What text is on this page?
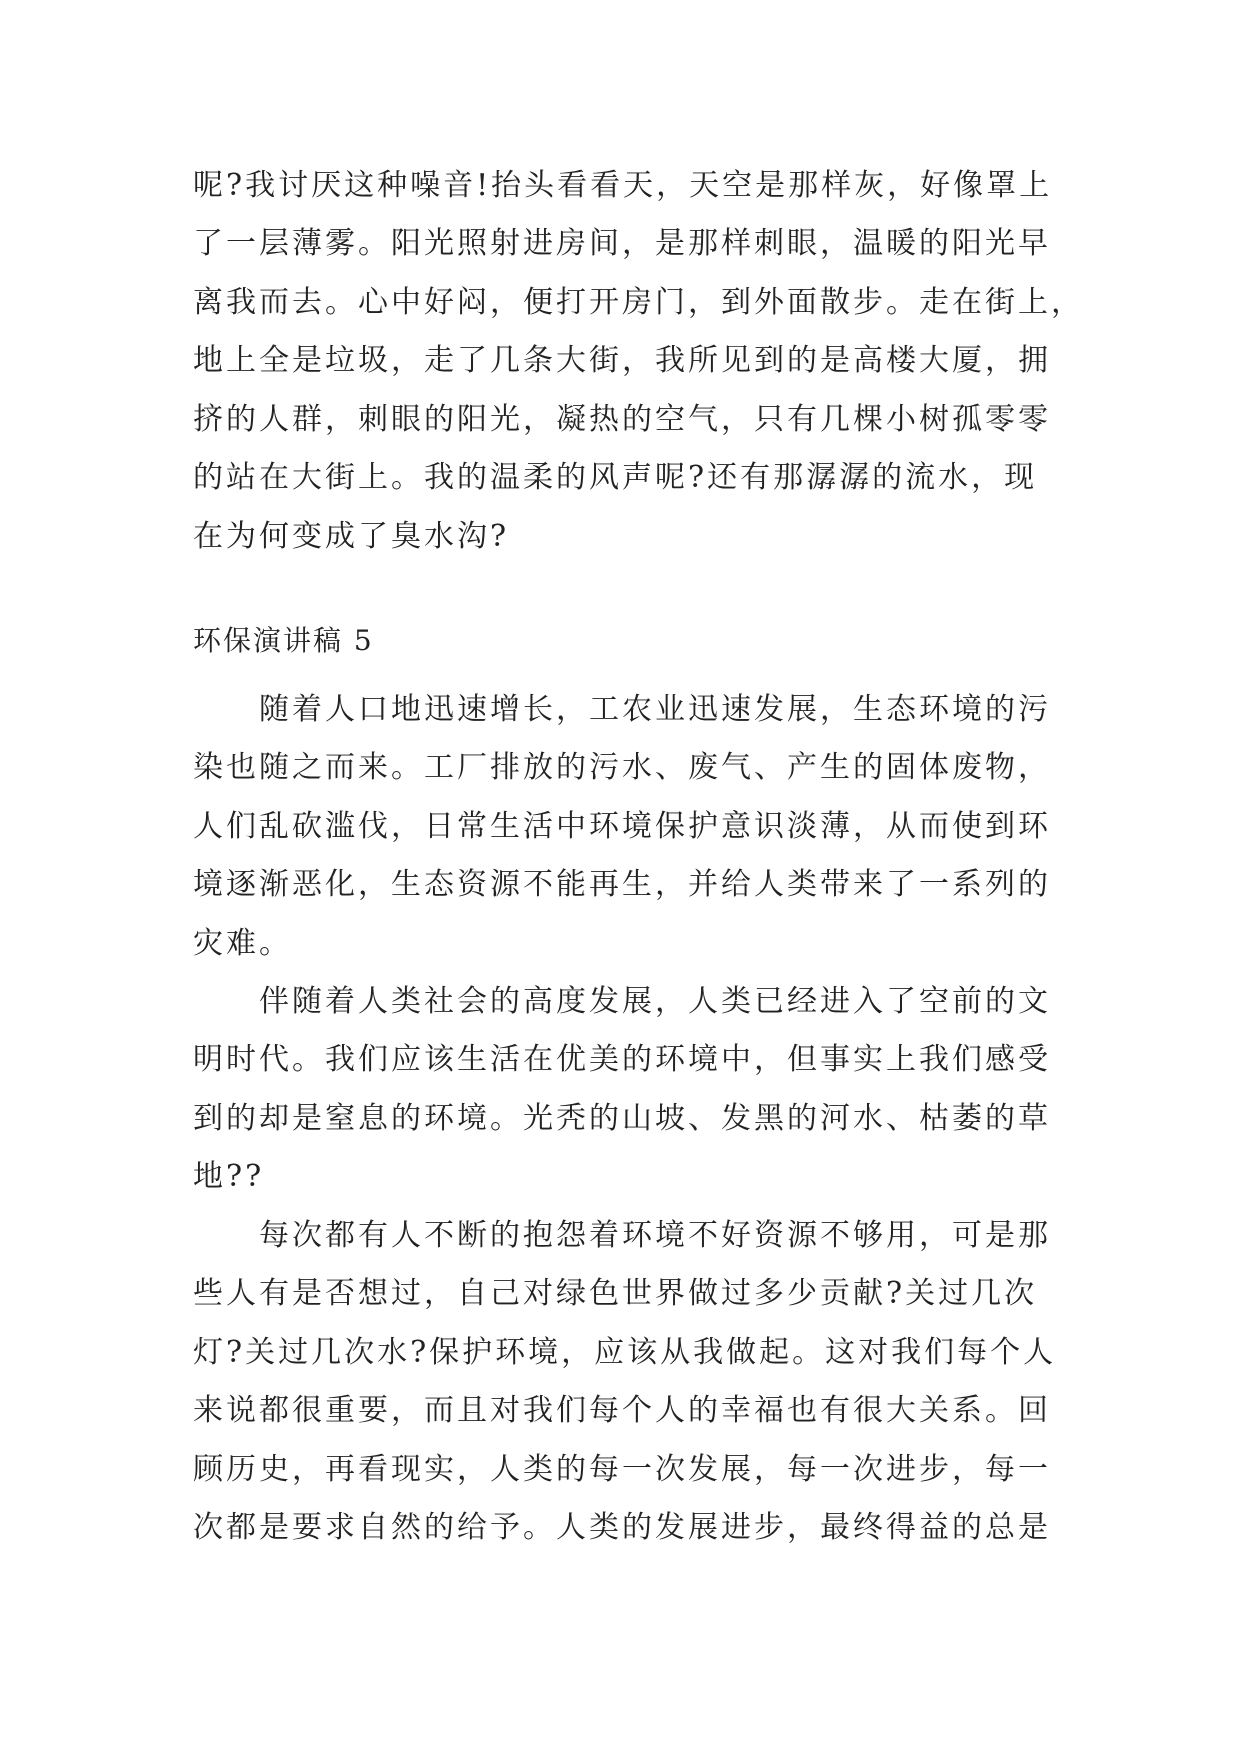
呢?我讨厌这种噪音!抬头看看天，天空是那样灰，好像罩上
了一层薄雾。阳光照射进房间，是那样刺眼，温暖的阳光早
离我而去。心中好闷，便打开房门，到外面散步。走在街上，
地上全是垃圾，走了几条大街，我所见到的是高楼大厦，拥
挤的人群，刺眼的阳光，凝热的空气，只有几棵小树孤零零
的站在大街上。我的温柔的风声呢?还有那潺潺的流水，现
在为何变成了臭水沟?
环保演讲稿 5
随着人口地迅速增长，工农业迅速发展，生态环境的污
染也随之而来。工厂排放的污水、废气、产生的固体废物，
人们乱砍滥伐，日常生活中环境保护意识淡薄，从而使到环
境逐渐恶化，生态资源不能再生，并给人类带来了一系列的
灾难。
伴随着人类社会的高度发展，人类已经进入了空前的文
明时代。我们应该生活在优美的环境中，但事实上我们感受
到的却是窒息的环境。光秃的山坡、发黑的河水、枯萎的草
地??
每次都有人不断的抱怨着环境不好资源不够用，可是那
些人有是否想过，自己对绿色世界做过多少贡献?关过几次
灯?关过几次水?保护环境，应该从我做起。这对我们每个人
来说都很重要，而且对我们每个人的幸福也有很大关系。回
顾历史，再看现实，人类的每一次发展，每一次进步，每一
次都是要求自然的给予。人类的发展进步，最终得益的总是
